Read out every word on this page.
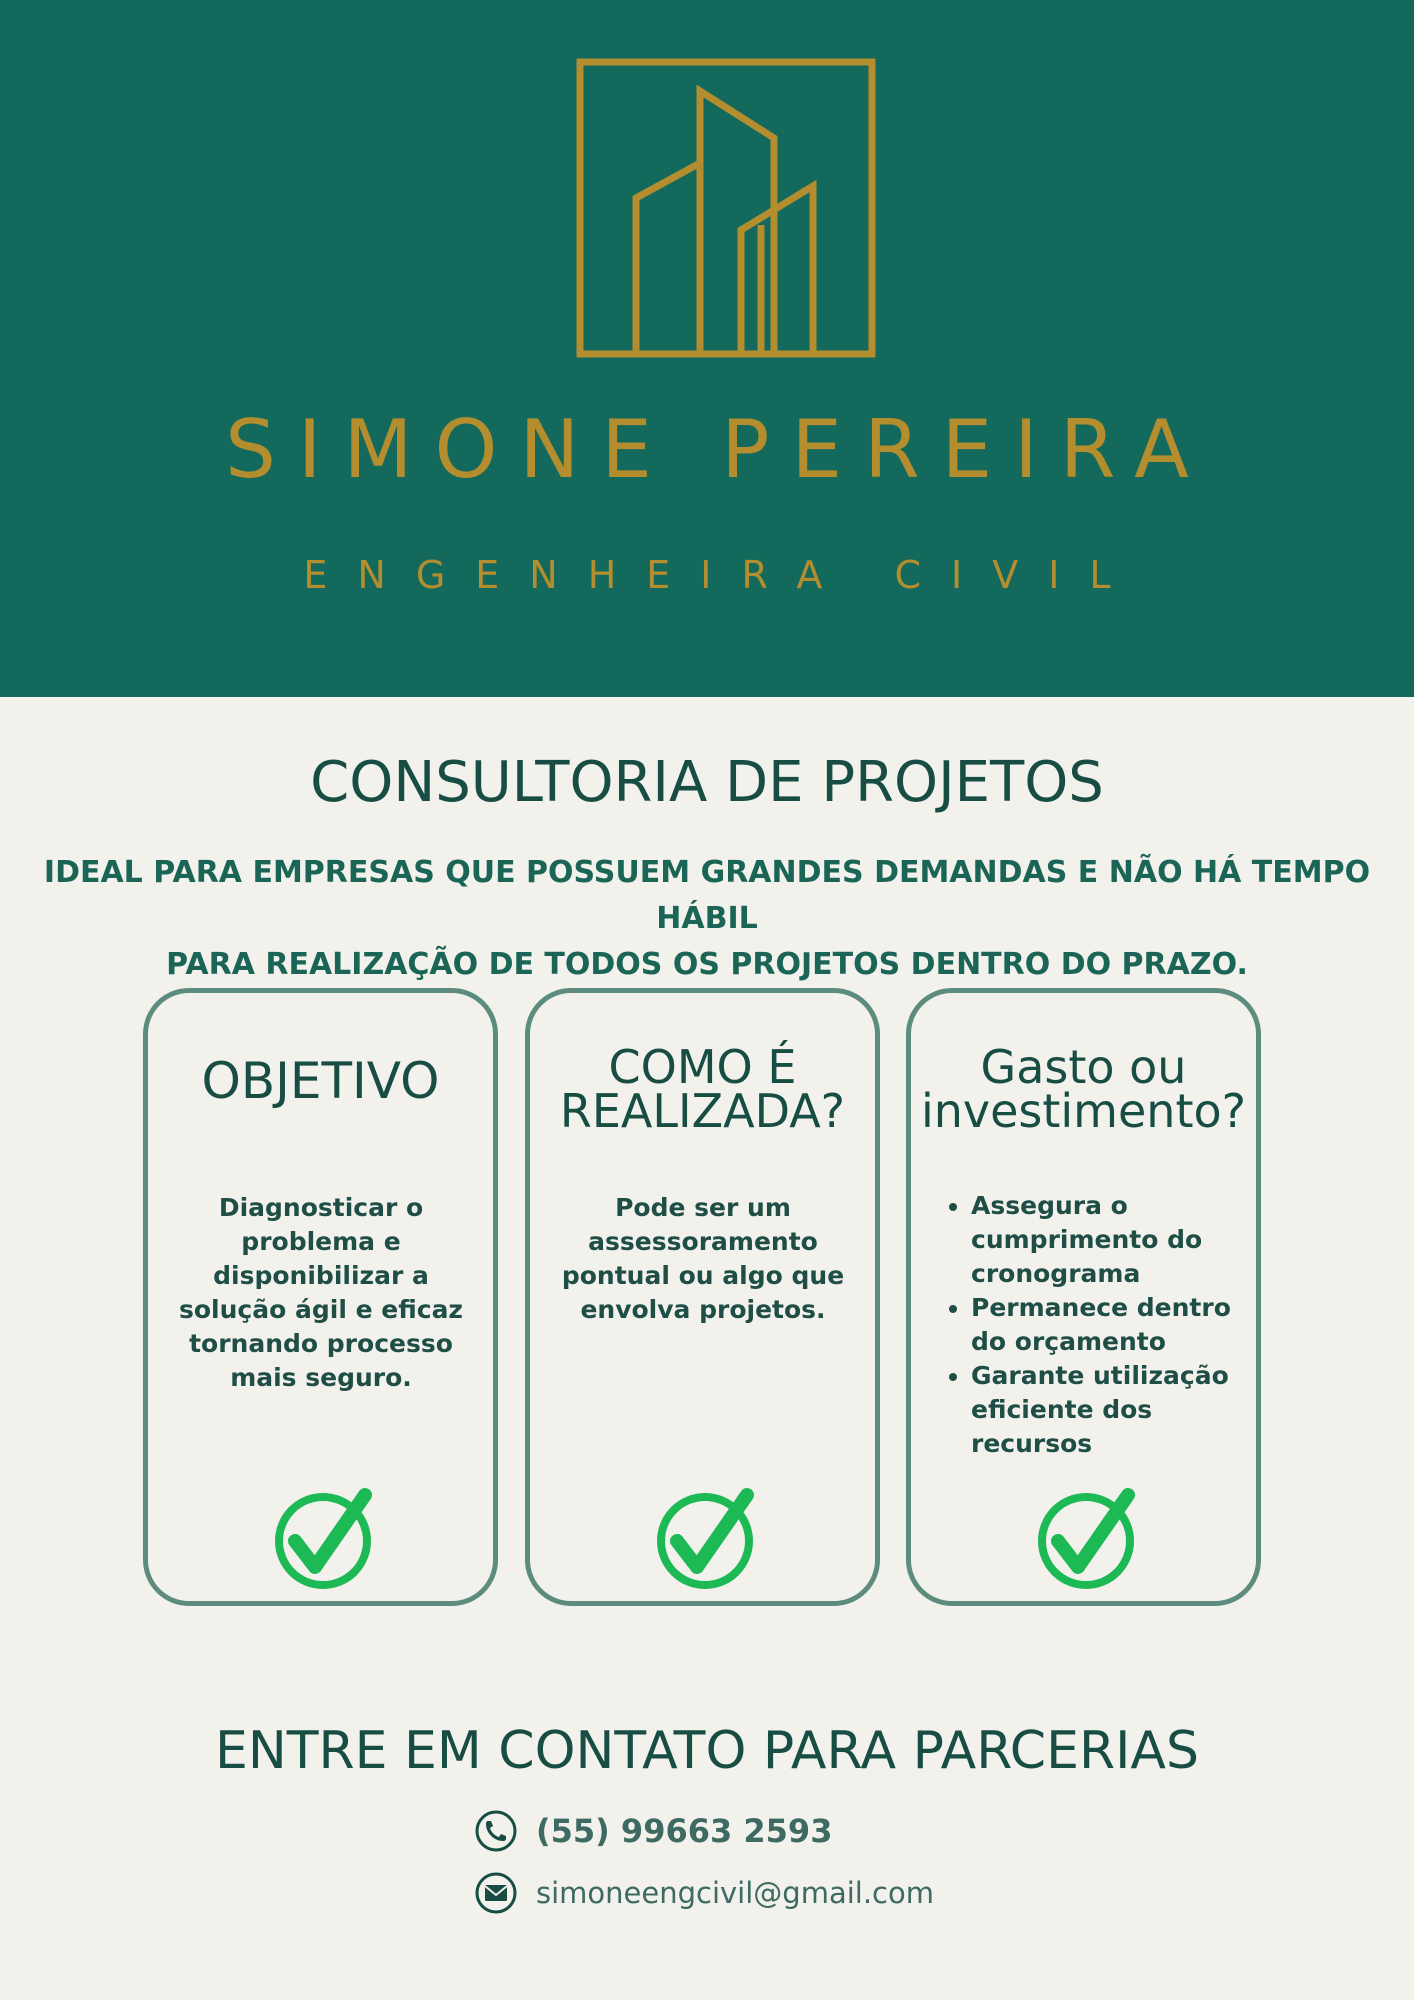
SIMONE PEREIRA
ENGENHEIRA CIVIL
CONSULTORIA DE PROJETOS
IDEAL PARA EMPRESAS QUE POSSUEM GRANDES DEMANDAS E NÃO HÁ TEMPO HÁBIL
PARA REALIZAÇÃO DE TODOS OS PROJETOS DENTRO DO PRAZO.
OBJETIVO
Diagnosticar o problema e disponibilizar a solução ágil e eficaz tornando processo mais seguro.
COMO É
REALIZADA?
Pode ser um assessoramento pontual ou algo que envolva projetos.
Gasto ou
investimento?
• Assegura o cumprimento do cronograma
• Permanece dentro do orçamento
• Garante utilização eficiente dos recursos
ENTRE EM CONTATO PARA PARCERIAS
(55) 99663 2593
simoneengcivil@gmail.com
